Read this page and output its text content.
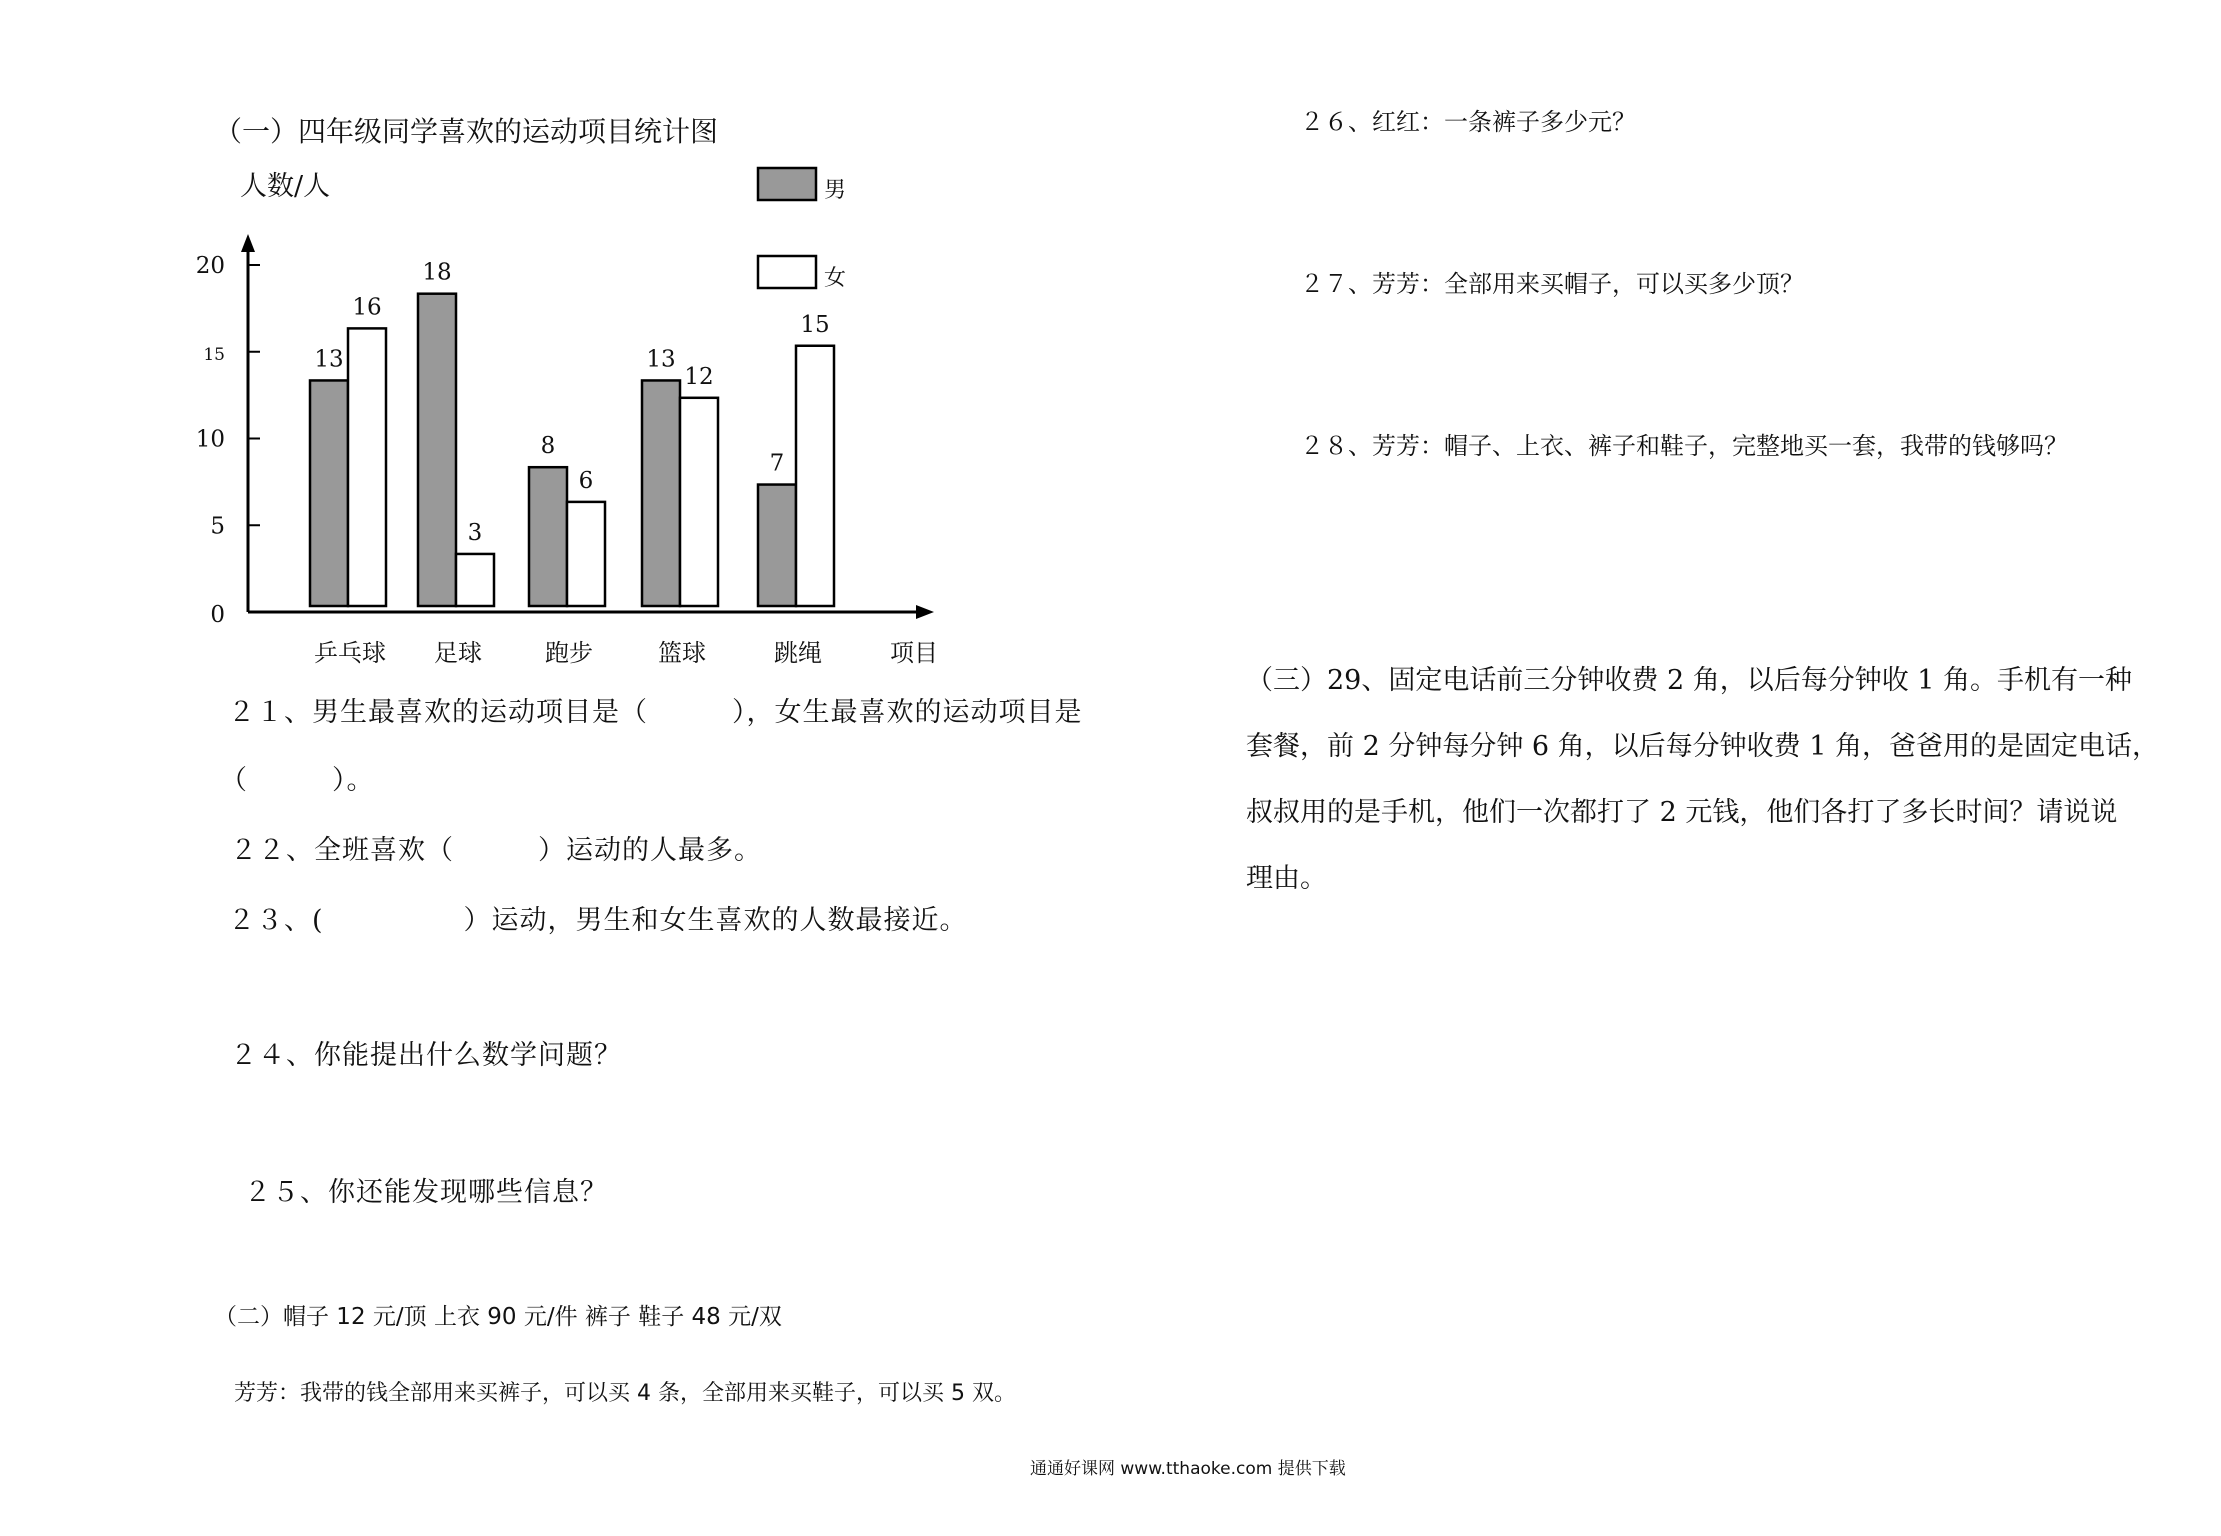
（一）四年级同学喜欢的运动项目统计图

人数/人
项目
0
5
10
15
20
13
16
18
3
8
6
13
12
7
15
乒乓球 足球	跑步	篮球	跳绳
男
女

２１、男生最喜欢的运动项目是（　　　），女生最喜欢的运动项目是

（　　　）。

２２、全班喜欢（　　　）运动的人最多。

２３、(　　　　　）运动，男生和女生喜欢的人数最接近。

２４、你能提出什么数学问题？

２５、你还能发现哪些信息？

（二）帽子 12 元/顶 上衣 90 元/件 裤子 鞋子 48 元/双

芳芳：我带的钱全部用来买裤子，可以买 4 条，全部用来买鞋子，可以买 5 双。

２６、红红：一条裤子多少元？

２７、芳芳：全部用来买帽子，可以买多少顶？

２８、芳芳：帽子、上衣、裤子和鞋子，完整地买一套，我带的钱够吗？

（三）29、固定电话前三分钟收费 2 角，以后每分钟收 1 角。手机有一种

套餐，前 2 分钟每分钟 6 角，以后每分钟收费 1 角，爸爸用的是固定电话，

叔叔用的是手机，他们一次都打了 2 元钱，他们各打了多长时间？请说说

理由。

通通好课网 www.tthaoke.com 提供下载
